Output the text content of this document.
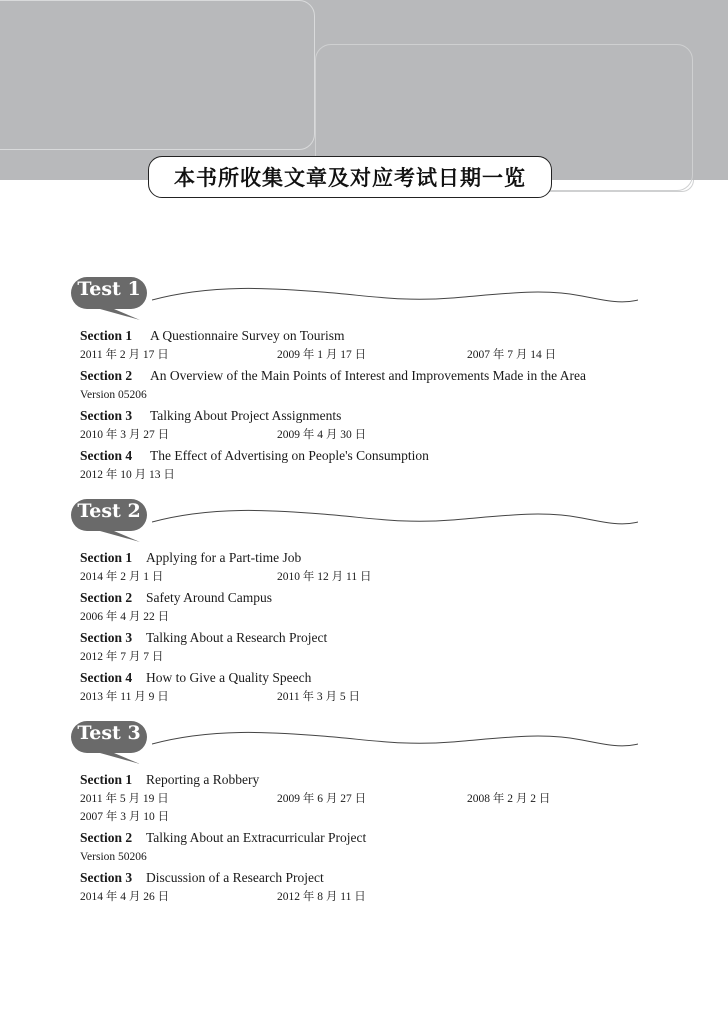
本书所收集文章及对应考试日期一览
Test 1
Section 1 A Questionnaire Survey on Tourism
2011 年 2 月 17 日	2009 年 1 月 17 日	2007 年 7 月 14 日
Section 2 An Overview of the Main Points of Interest and Improvements Made in the Area
Version 05206
Section 3 Talking About Project Assignments
2010 年 3 月 27 日	2009 年 4 月 30 日
Section 4 The Effect of Advertising on People's Consumption
2012 年 10 月 13 日
Test 2
Section 1 Applying for a Part-time Job
2014 年 2 月 1 日	2010 年 12 月 11 日
Section 2 Safety Around Campus
2006 年 4 月 22 日
Section 3 Talking About a Research Project
2012 年 7 月 7 日
Section 4 How to Give a Quality Speech
2013 年 11 月 9 日	2011 年 3 月 5 日
Test 3
Section 1 Reporting a Robbery
2011 年 5 月 19 日	2009 年 6 月 27 日	2008 年 2 月 2 日
2007 年 3 月 10 日
Section 2 Talking About an Extracurricular Project
Version 50206
Section 3 Discussion of a Research Project
2014 年 4 月 26 日	2012 年 8 月 11 日
